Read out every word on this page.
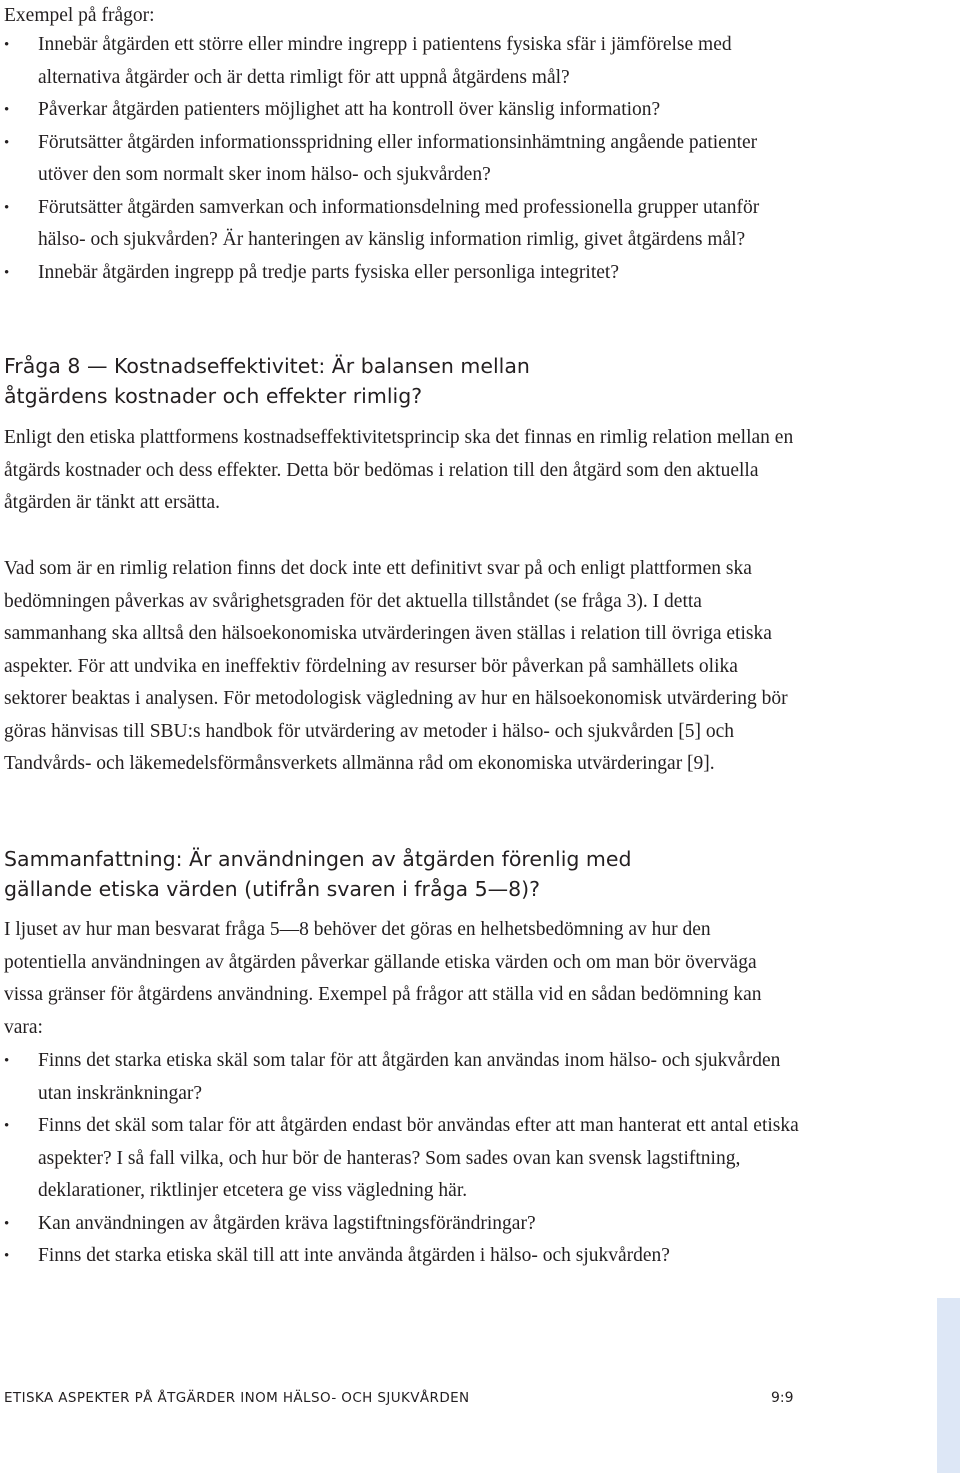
Exempel på frågor:
• Innebär åtgärden ett större eller mindre ingrepp i patientens fysiska sfär i jämförelse med alternativa åtgärder och är detta rimligt för att uppnå åtgärdens mål?
• Påverkar åtgärden patienters möjlighet att ha kontroll över känslig information?
• Förutsätter åtgärden informationsspridning eller informationsinhämtning angående patienter utöver den som normalt sker inom hälso- och sjukvården?
• Förutsätter åtgärden samverkan och informationsdelning med professionella grupper utanför hälso- och sjukvården? Är hanteringen av känslig information rimlig, givet åtgärdens mål?
• Innebär åtgärden ingrepp på tredje parts fysiska eller personliga integritet?
Fråga 8 — Kostnadseffektivitet: Är balansen mellan
åtgärdens kostnader och effekter rimlig?

Enligt den etiska plattformens kostnadseffektivitetsprincip ska det finnas en rimlig relation mellan en åtgärds kostnader och dess effekter. Detta bör bedömas i relation till den åtgärd som den aktuella åtgärden är tänkt att ersätta.

Vad som är en rimlig relation finns det dock inte ett definitivt svar på och enligt plattformen ska bedömningen påverkas av svårighetsgraden för det aktuella tillståndet (se fråga 3). I detta sammanhang ska alltså den hälsoekonomiska utvärderingen även ställas i relation till övriga etiska aspekter. För att undvika en ineffektiv fördelning av resurser bör påverkan på samhällets olika sektorer beaktas i analysen. För metodologisk vägledning av hur en hälsoekonomisk utvärdering bör göras hänvisas till SBU:s handbok för utvärdering av metoder i hälso- och sjukvården [5] och Tandvårds- och läkemedelsförmånsverkets allmänna råd om ekonomiska utvärderingar [9].

Sammanfattning: Är användningen av åtgärden förenlig med
gällande etiska värden (utifrån svaren i fråga 5—8)?

I ljuset av hur man besvarat fråga 5—8 behöver det göras en helhetsbedömning av hur den potentiella användningen av åtgärden påverkar gällande etiska värden och om man bör överväga vissa gränser för åtgärdens användning. Exempel på frågor att ställa vid en sådan bedömning kan vara:

• Finns det starka etiska skäl som talar för att åtgärden kan användas inom hälso- och sjukvården utan inskränkningar?
• Finns det skäl som talar för att åtgärden endast bör användas efter att man hanterat ett antal etiska aspekter? I så fall vilka, och hur bör de hanteras? Som sades ovan kan svensk lagstiftning, deklarationer, riktlinjer etcetera ge viss vägledning här.
• Kan användningen av åtgärden kräva lagstiftningsförändringar?
• Finns det starka etiska skäl till att inte använda åtgärden i hälso- och sjukvården?
ETISKA ASPEKTER PÅ ÅTGÄRDER INOM HÄLSO- OCH SJUKVÅRDEN	9:9
